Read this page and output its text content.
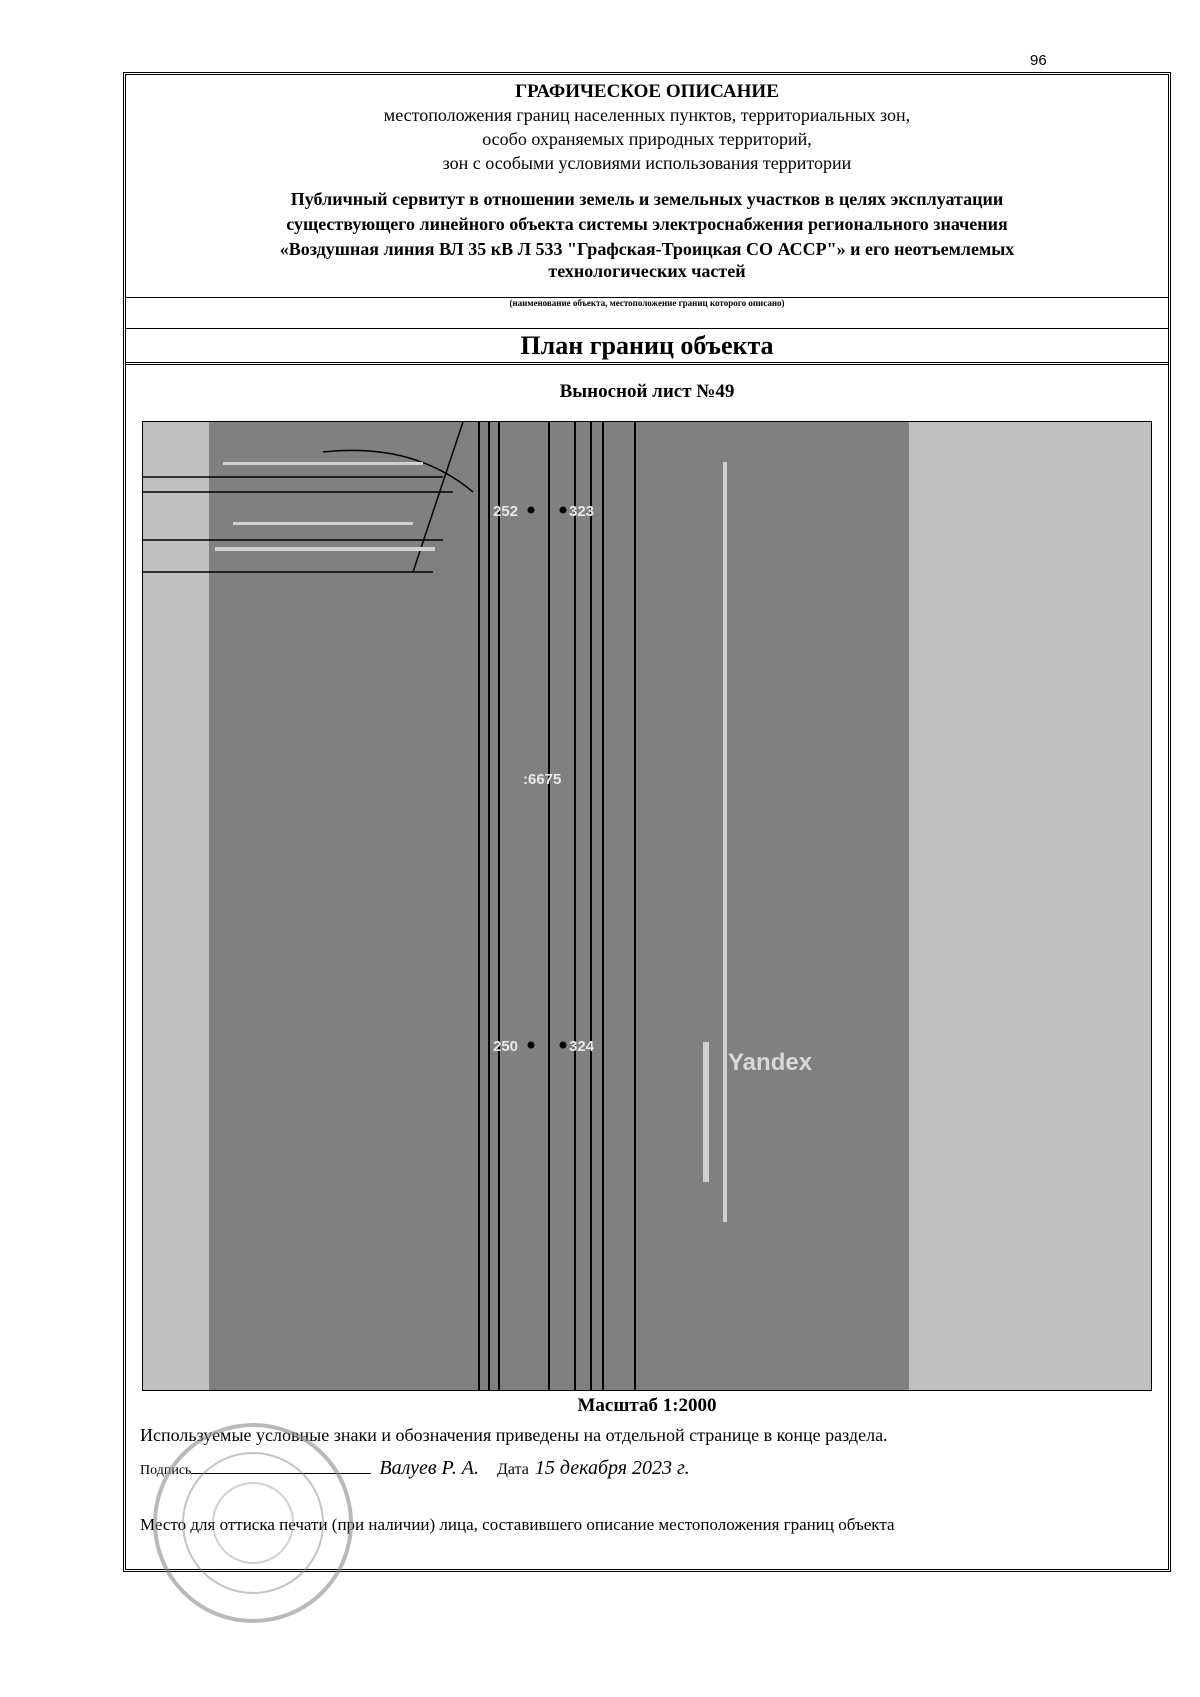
96
ГРАФИЧЕСКОЕ ОПИСАНИЕ
местоположения границ населенных пунктов, территориальных зон,
особо охраняемых природных территорий,
зон с особыми условиями использования территории
Публичный сервитут в отношении земель и земельных участков в целях эксплуатации
существующего линейного объекта системы электроснабжения регионального значения
«Воздушная линия ВЛ 35 кВ Л 533 "Графская-Троицкая СО АССР"» и его неотъемлемых
технологических частей
(наименование объекта, местоположение границ которого описано)
План границ объекта
Выносной лист №49
252	323
250	324
:6675
Yandex
Масштаб 1:2000
Используемые условные знаки и обозначения приведены на отдельной странице в конце раздела.
Подпись	Валуев Р. А. Дата 15 декабря 2023 г.
Место для оттиска печати (при наличии) лица, составившего описание местоположения границ объекта
